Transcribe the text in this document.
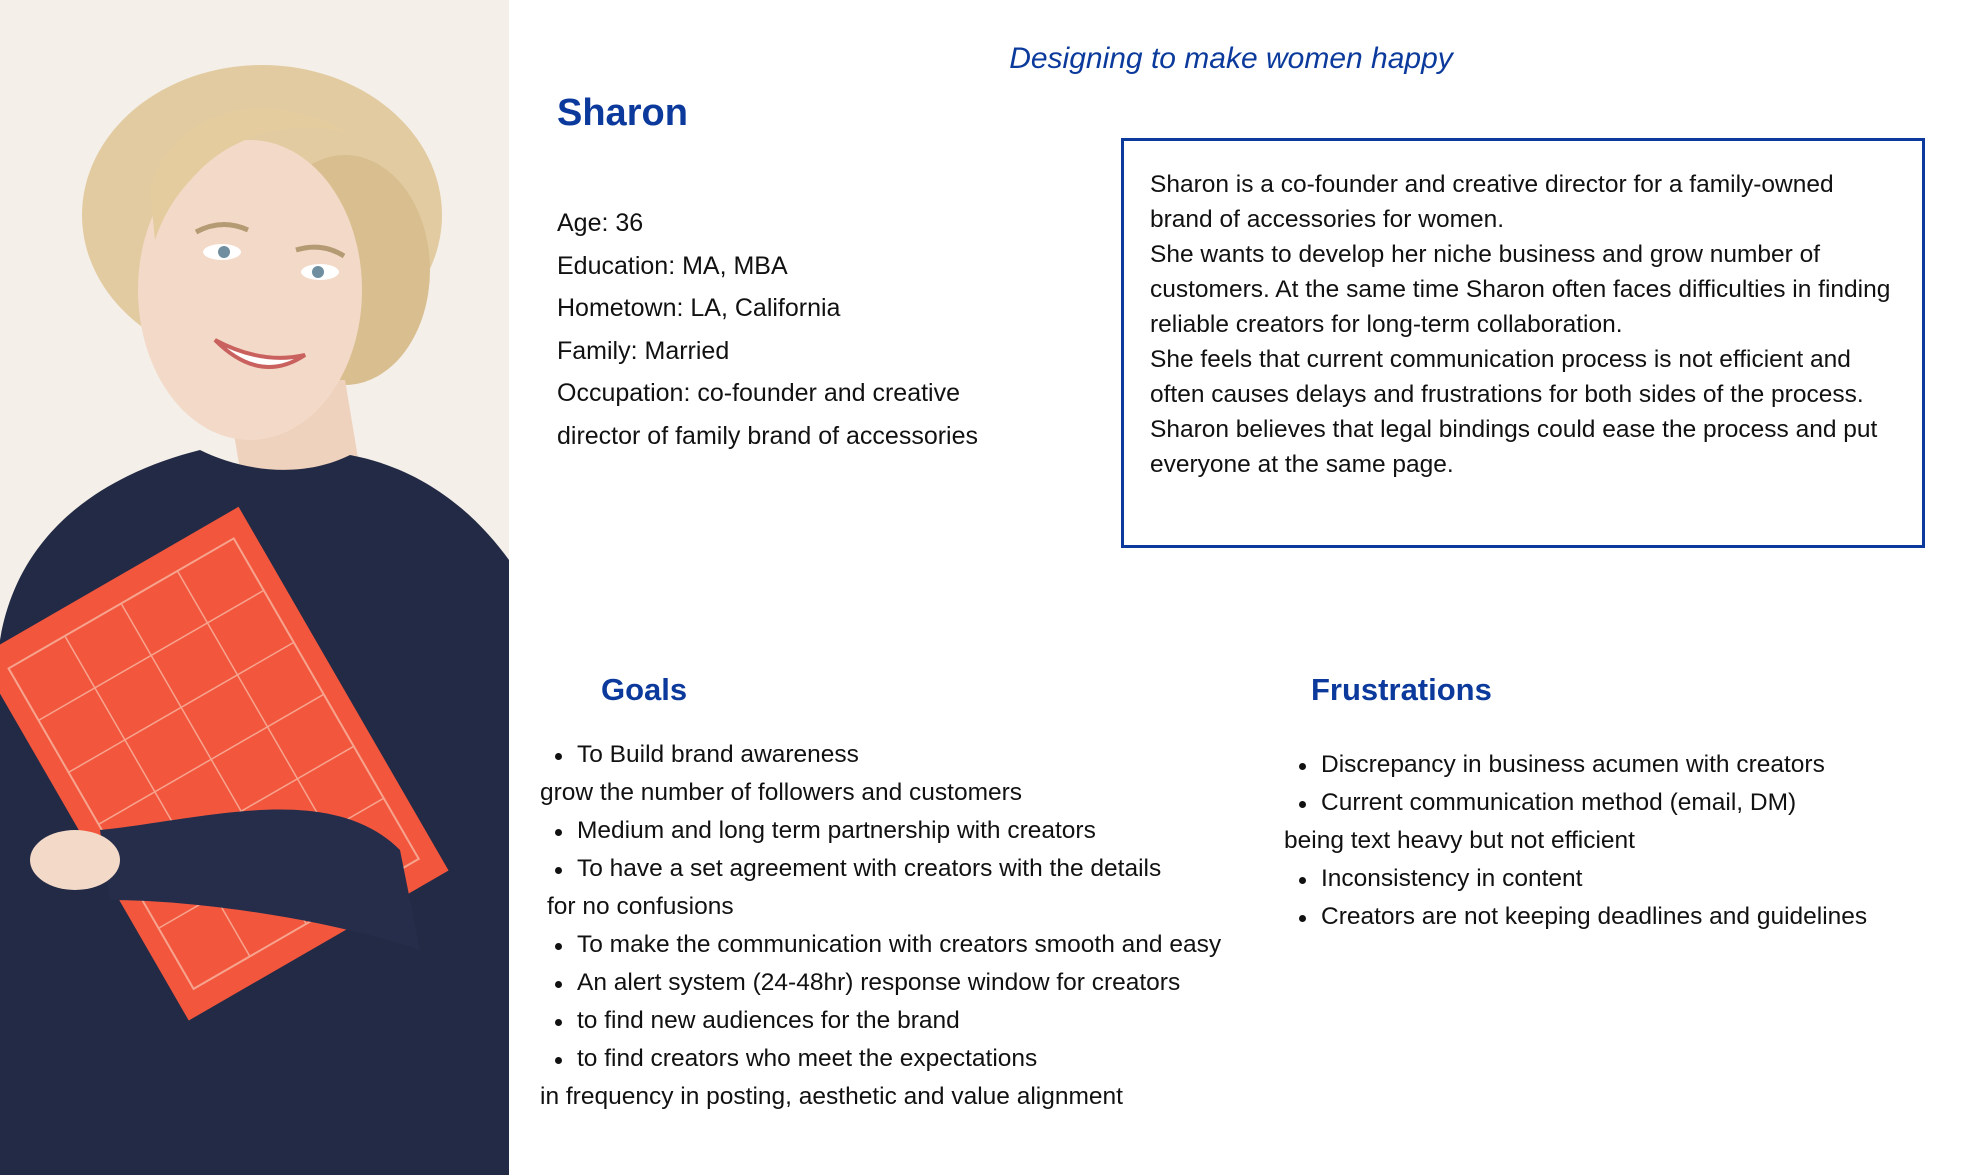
Designing to make women happy
Sharon
Age: 36
Education: MA, MBA
Hometown: LA, California
Family: Married
Occupation: co-founder and creative
director of family brand of accessories

Sharon is a co-founder and creative director for a family-owned brand of accessories for women.
She wants to develop her niche business and grow number of customers. At the same time Sharon often faces difficulties in finding reliable creators for long-term collaboration.
She feels that current communication process is not efficient and often causes delays and frustrations for both sides of the process. Sharon believes that legal bindings could ease the process and put everyone at the same page.

Goals
To Build brand awareness
grow the number of followers and customers
Medium and long term partnership with creators
To have a set agreement with creators with the details
for no confusions
To make the communication with creators smooth and easy
An alert system (24-48hr) response window for creators
to find new audiences for the brand
to find creators who meet the expectations
in frequency in posting, aesthetic and value alignment
Frustrations
Discrepancy in business acumen with creators
Current communication method (email, DM)
being text heavy but not efficient
Inconsistency in content
Creators are not keeping deadlines and guidelines
